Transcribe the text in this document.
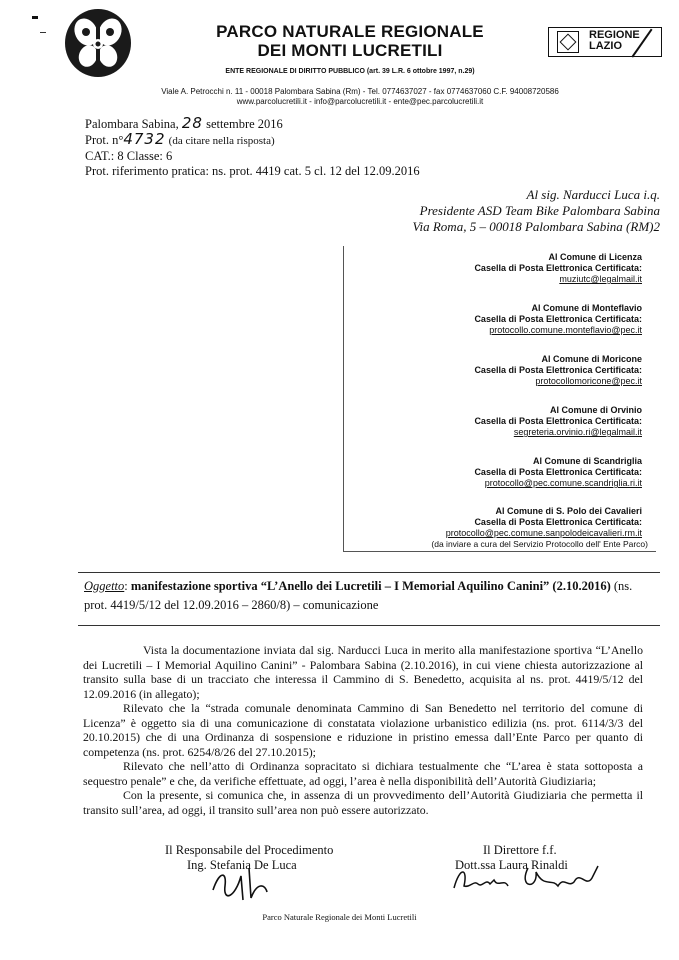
PARCO NATURALE REGIONALE
DEI MONTI LUCRETILI
ENTE REGIONALE DI DIRITTO PUBBLICO (art. 39 L.R. 6 ottobre 1997, n.29)
Viale A. Petrocchi n. 11 - 00018 Palombara Sabina (Rm) - Tel. 0774637027 - fax 0774637060 C.F. 94008720586
www.parcolucretili.it - info@parcolucretili.it - ente@pec.parcolucretili.it
REGIONE
LAZIO
Palombara Sabina, 28 settembre 2016
Prot. n°4732 (da citare nella risposta)
CAT.: 8 Classe: 6
Prot. riferimento pratica: ns. prot. 4419 cat. 5 cl. 12 del 12.09.2016
Al sig. Narducci Luca i.q.
Presidente ASD Team Bike Palombara Sabina
Via Roma, 5 – 00018 Palombara Sabina (RM)2
Al Comune di Licenza
Casella di Posta Elettronica Certificata:
muziutc@legalmail.it
Al Comune di Monteflavio
Casella di Posta Elettronica Certificata:
protocollo.comune.monteflavio@pec.it
Al Comune di Moricone
Casella di Posta Elettronica Certificata:
protocollomoricone@pec.it
Al Comune di Orvinio
Casella di Posta Elettronica Certificata:
segreteria.orvinio.ri@legalmail.it
Al Comune di Scandriglia
Casella di Posta Elettronica Certificata:
protocollo@pec.comune.scandriglia.ri.it
Al Comune di S. Polo dei Cavalieri
Casella di Posta Elettronica Certificata:
protocollo@pec.comune.sanpolodeicavalieri.rm.it
(da inviare a cura del Servizio Protocollo dell' Ente Parco)
Oggetto: manifestazione sportiva “L’Anello dei Lucretili – I Memorial Aquilino Canini” (2.10.2016) (ns. prot. 4419/5/12 del 12.09.2016 – 2860/8) – comunicazione

Vista la documentazione inviata dal sig. Narducci Luca in merito alla manifestazione sportiva “L’Anello dei Lucretili – I Memorial Aquilino Canini” - Palombara Sabina (2.10.2016), in cui viene chiesta autorizzazione al transito sulla base di un tracciato che interessa il Cammino di S. Benedetto, acquisita al ns. prot. 4419/5/12 del 12.09.2016 (in allegato);

Rilevato che la “strada comunale denominata Cammino di San Benedetto nel territorio del comune di Licenza” è oggetto sia di una comunicazione di constatata violazione urbanistico edilizia (ns. prot. 6114/3/3 del 20.10.2015) che di una Ordinanza di sospensione e riduzione in pristino emessa dall’Ente Parco per quanto di competenza (ns. prot. 6254/8/26 del 27.10.2015);

Rilevato che nell’atto di Ordinanza sopracitato si dichiara testualmente che “L’area è stata sottoposta a sequestro penale” e che, da verifiche effettuate, ad oggi, l’area è nella disponibilità dell’Autorità Giudiziaria;

Con la presente, si comunica che, in assenza di un provvedimento dell’Autorità Giudiziaria che permetta il transito sull’area, ad oggi, il transito sull’area non può essere autorizzato.

Il Responsabile del Procedimento
Ing. Stefania De Luca
Il Direttore f.f.
Dott.ssa Laura Rinaldi
Parco Naturale Regionale dei Monti Lucretili
